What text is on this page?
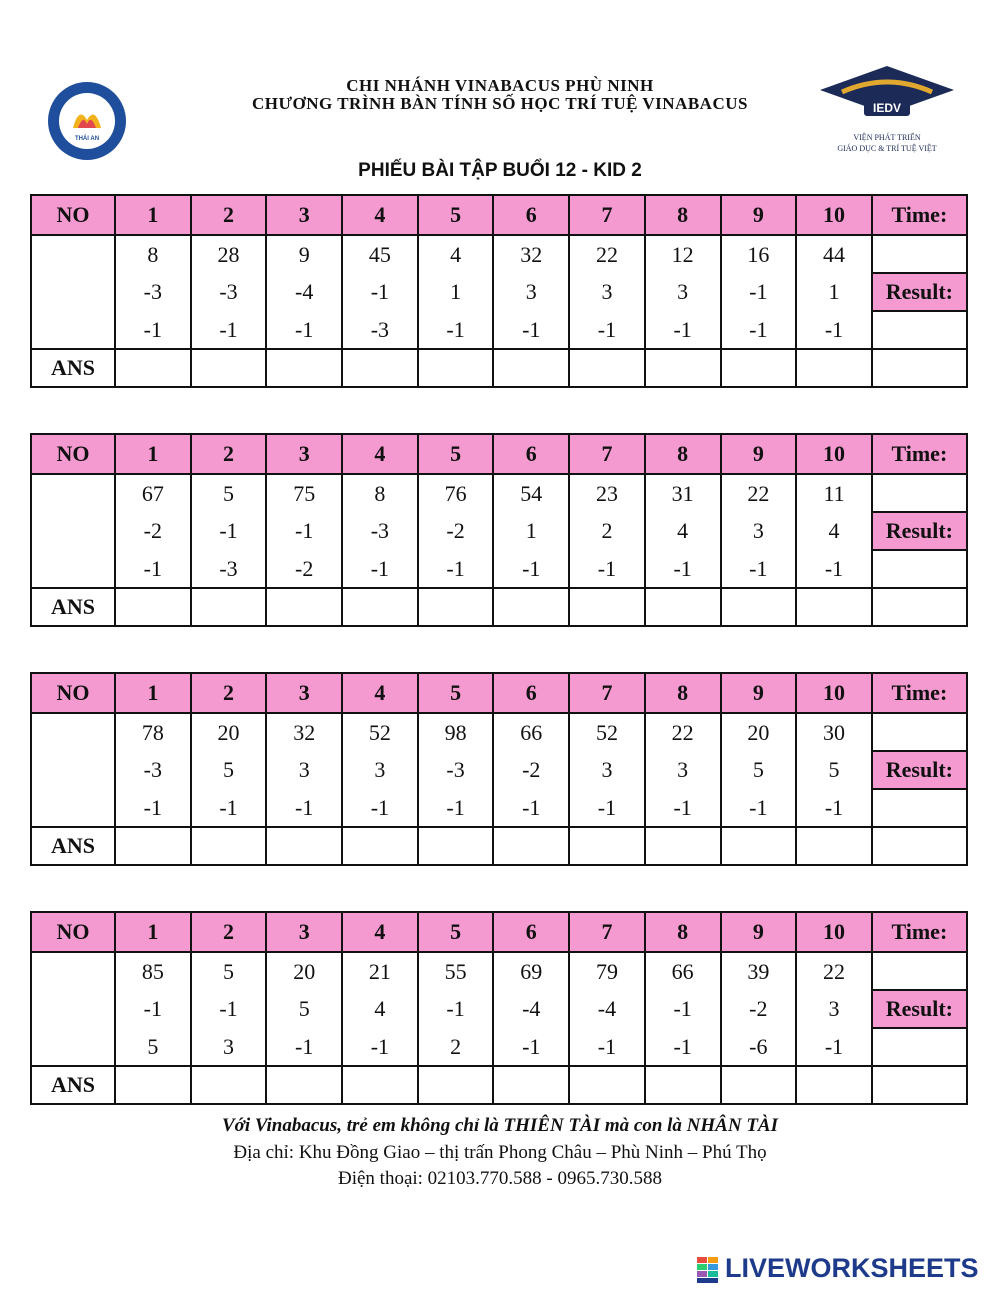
THÁI AN
CHI NHÁNH VINABACUS PHÙ NINH
CHƯƠNG TRÌNH BÀN TÍNH SỐ HỌC TRÍ TUỆ VINABACUS	IEDV
VIỆN PHÁT TRIỂN
GIÁO DỤC & TRÍ TUỆ VIỆT
PHIẾU BÀI TẬP BUỔI 12 - KID 2
NO	1	2	3	4	5	6	7	8	9	10	Time:
	8	28	9	45	4	32	22	12	16	44	
	-3	-3	-4	-1	1	3	3	3	-1	1	Result:
	-1	-1	-1	-3	-1	-1	-1	-1	-1	-1	
ANS											
NO	1	2	3	4	5	6	7	8	9	10	Time:
	67	5	75	8	76	54	23	31	22	11	
	-2	-1	-1	-3	-2	1	2	4	3	4	Result:
	-1	-3	-2	-1	-1	-1	-1	-1	-1	-1	
ANS											
NO	1	2	3	4	5	6	7	8	9	10	Time:
	78	20	32	52	98	66	52	22	20	30	
	-3	5	3	3	-3	-2	3	3	5	5	Result:
	-1	-1	-1	-1	-1	-1	-1	-1	-1	-1	
ANS											
NO	1	2	3	4	5	6	7	8	9	10	Time:
	85	5	20	21	55	69	79	66	39	22	
	-1	-1	5	4	-1	-4	-4	-1	-2	3	Result:
	5	3	-1	-1	2	-1	-1	-1	-6	-1	
ANS											
Với Vinabacus, trẻ em không chỉ là THIÊN TÀI mà con là NHÂN TÀI
Địa chỉ: Khu Đồng Giao – thị trấn Phong Châu – Phù Ninh – Phú Thọ
Điện thoại: 02103.770.588 - 0965.730.588
LIVEWORKSHEETS
